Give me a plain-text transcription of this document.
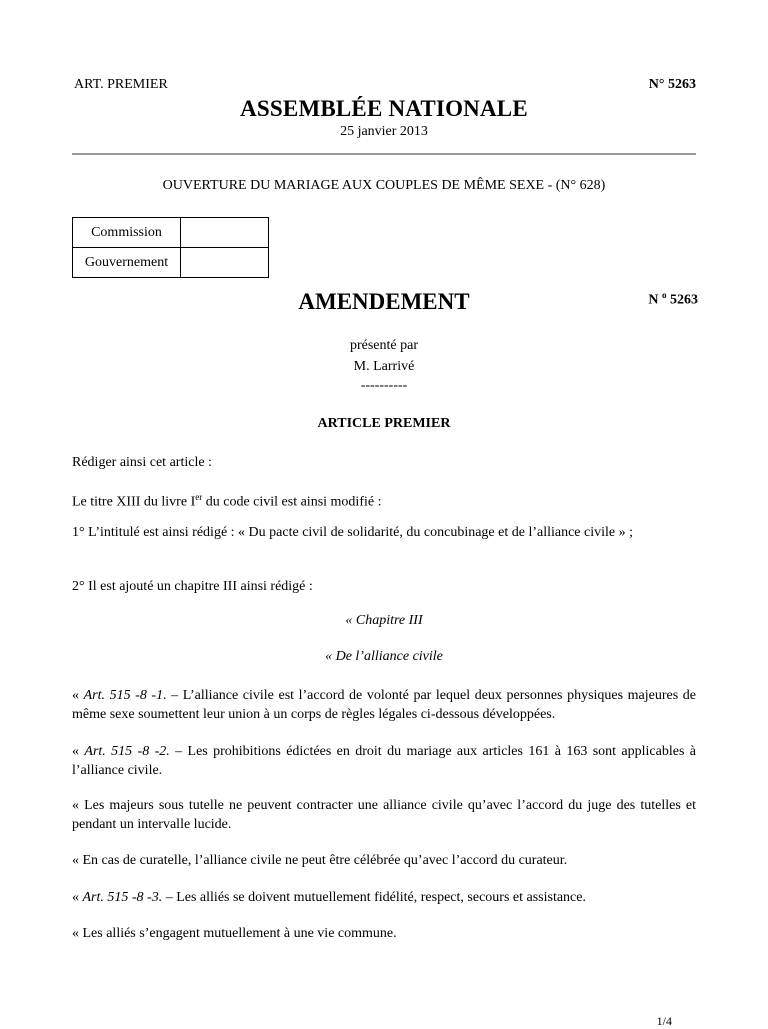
ART. PREMIER	N° 5263
ASSEMBLÉE NATIONALE
25 janvier 2013
OUVERTURE DU MARIAGE AUX COUPLES DE MÊME SEXE - (N° 628)
Commission	
Gouvernement	
AMENDEMENT	N $^o$ 5263
présenté par
M. Larrivé
----------
ARTICLE PREMIER
Rédiger ainsi cet article :
Le titre XIII du livre Ier du code civil est ainsi modifié :
1° L’intitulé est ainsi rédigé : « Du pacte civil de solidarité, du concubinage et de l’alliance civile » ;
2° Il est ajouté un chapitre III ainsi rédigé :
« Chapitre III
« De l’alliance civile
« Art. 515 -8 -1. – L’alliance civile est l’accord de volonté par lequel deux personnes physiques majeures de même sexe soumettent leur union à un corps de règles légales ci-dessous développées.
« Art. 515 -8 -2. – Les prohibitions édictées en droit du mariage aux articles 161 à 163 sont applicables à l’alliance civile.
« Les majeurs sous tutelle ne peuvent contracter une alliance civile qu’avec l’accord du juge des tutelles et pendant un intervalle lucide.
« En cas de curatelle, l’alliance civile ne peut être célébrée qu’avec l’accord du curateur.
« Art. 515 -8 -3. – Les alliés se doivent mutuellement fidélité, respect, secours et assistance.
« Les alliés s’engagent mutuellement à une vie commune.
1/4
